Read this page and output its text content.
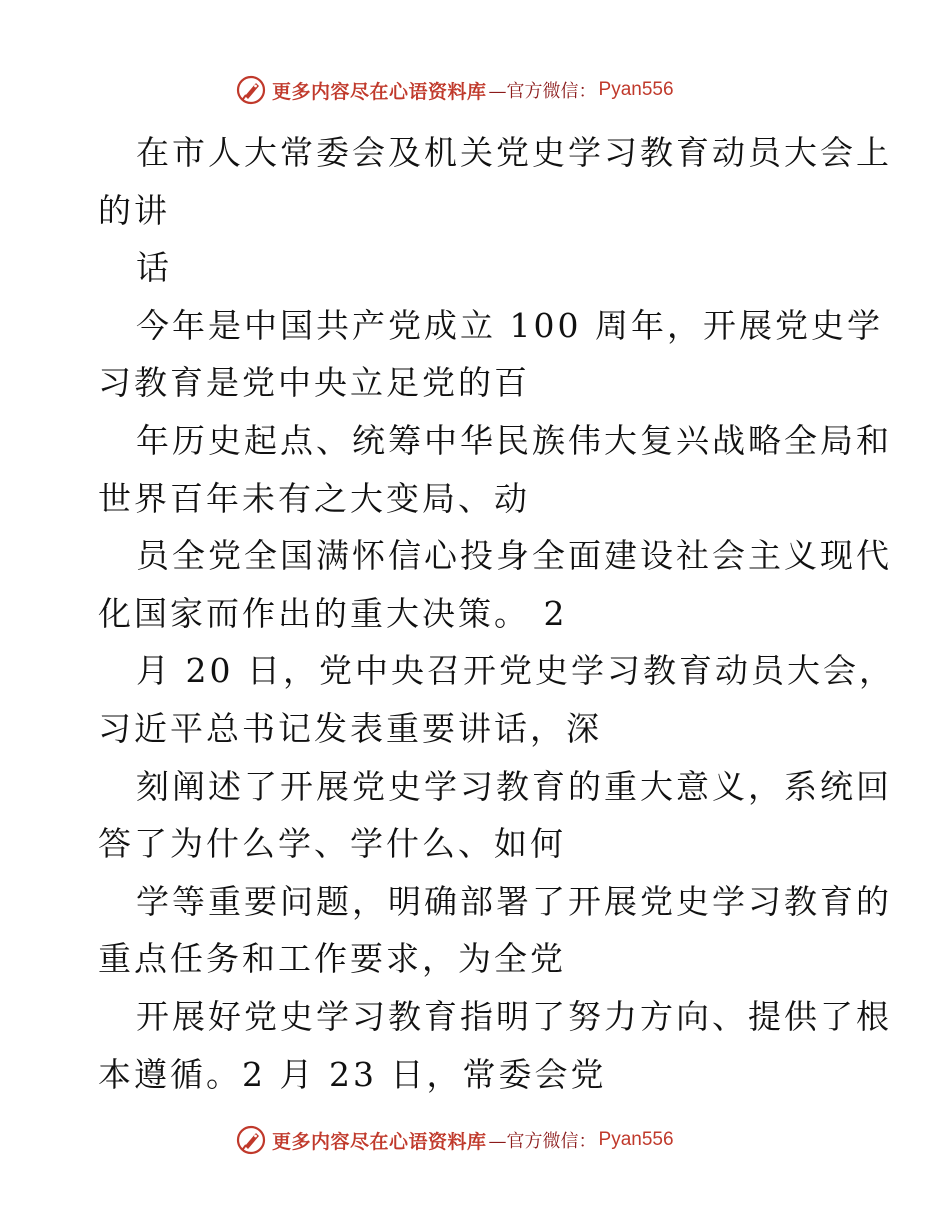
更多内容尽在心语资料库 —官方微信： Pyan556
在市人大常委会及机关党史学习教育动员大会上
的讲
话
今年是中国共产党成立 100 周年，开展党史学
习教育是党中央立足党的百
年历史起点、统筹中华民族伟大复兴战略全局和
世界百年未有之大变局、动
员全党全国满怀信心投身全面建设社会主义现代
化国家而作出的重大决策。 2
月 20 日，党中央召开党史学习教育动员大会，
习近平总书记发表重要讲话，深
刻阐述了开展党史学习教育的重大意义，系统回
答了为什么学、学什么、如何
学等重要问题，明确部署了开展党史学习教育的
重点任务和工作要求，为全党
开展好党史学习教育指明了努力方向、提供了根
本遵循。2 月 23 日，常委会党
更多内容尽在心语资料库 —官方微信： Pyan556
